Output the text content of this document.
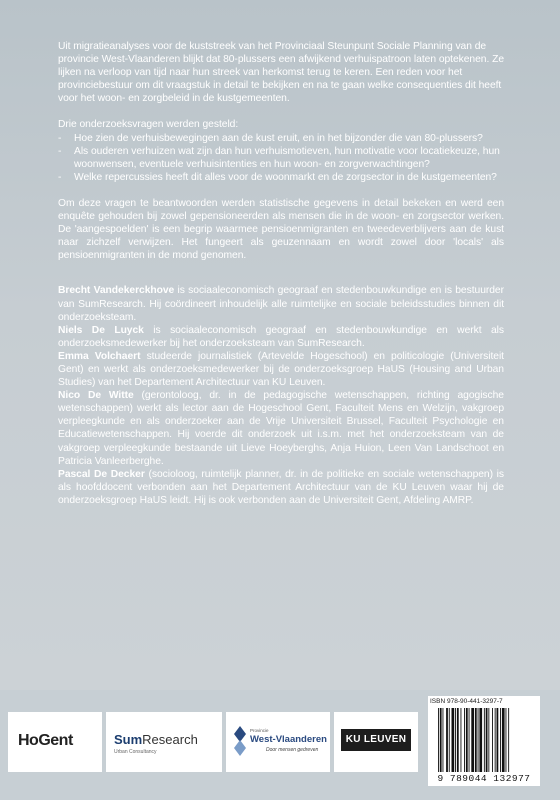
Uit migratieanalyses voor de kuststreek van het Provinciaal Steunpunt Sociale Planning van de provincie West-Vlaanderen blijkt dat 80-plussers een afwijkend verhuispatroon laten optekenen. Ze lijken na verloop van tijd naar hun streek van herkomst terug te keren. Een reden voor het provinciebestuur om dit vraagstuk in detail te bekijken en na te gaan welke consequenties dit heeft voor het woon- en zorgbeleid in de kustgemeenten.

Drie onderzoeksvragen werden gesteld:

- Hoe zien de verhuisbewegingen aan de kust eruit, en in het bijzonder die van 80-plussers?
- Als ouderen verhuizen wat zijn dan hun verhuismotieven, hun motivatie voor locatiekeuze, hun woonwensen, eventuele verhuisintenties en hun woon- en zorgverwachtingen?
- Welke repercussies heeft dit alles voor de woonmarkt en de zorgsector in de kustgemeenten?

Om deze vragen te beantwoorden werden statistische gegevens in detail bekeken en werd een enquête gehouden bij zowel gepensioneerden als mensen die in de woon- en zorgsector werken. De 'aangespoelden' is een begrip waarmee pensioenmigranten en tweedeverblijvers aan de kust naar zichzelf verwijzen. Het fungeert als geuzennaam en wordt zowel door 'locals' als pensioenmigranten in de mond genomen.

Brecht Vandekerckhove is sociaaleconomisch geograaf en stedenbouwkundige en is bestuurder van SumResearch. Hij coördineert inhoudelijk alle ruimtelijke en sociale beleidsstudies binnen dit onderzoeksteam.

Niels De Luyck is sociaaleconomisch geograaf en stedenbouwkundige en werkt als onderzoeksmedewerker bij het onderzoeksteam van SumResearch.

Emma Volchaert studeerde journalistiek (Artevelde Hogeschool) en politicologie (Universiteit Gent) en werkt als onderzoeksmedewerker bij de onderzoeksgroep HaUS (Housing and Urban Studies) van het Departement Architectuur van KU Leuven.

Nico De Witte (gerontoloog, dr. in de pedagogische wetenschappen, richting agogische wetenschappen) werkt als lector aan de Hogeschool Gent, Faculteit Mens en Welzijn, vakgroep verpleegkunde en als onderzoeker aan de Vrije Universiteit Brussel, Faculteit Psychologie en Educatiewetenschappen. Hij voerde dit onderzoek uit i.s.m. met het onderzoeksteam van de vakgroep verpleegkunde bestaande uit Lieve Hoeyberghs, Anja Huion, Leen Van Landschoot en Patricia Vanleerberghe.

Pascal De Decker (socioloog, ruimtelijk planner, dr. in de politieke en sociale wetenschappen) is als hoofddocent verbonden aan het Departement Architectuur van de KU Leuven waar hij de onderzoeksgroep HaUS leidt. Hij is ook verbonden aan de Universiteit Gent, Afdeling AMRP.

HoGent	SumResearch
Urban Consultancy
Provincie
West-Vlaanderen
Door mensen gedreven
KU LEUVEN
ISBN 978-90-441-3297-7
9 789044 132977
